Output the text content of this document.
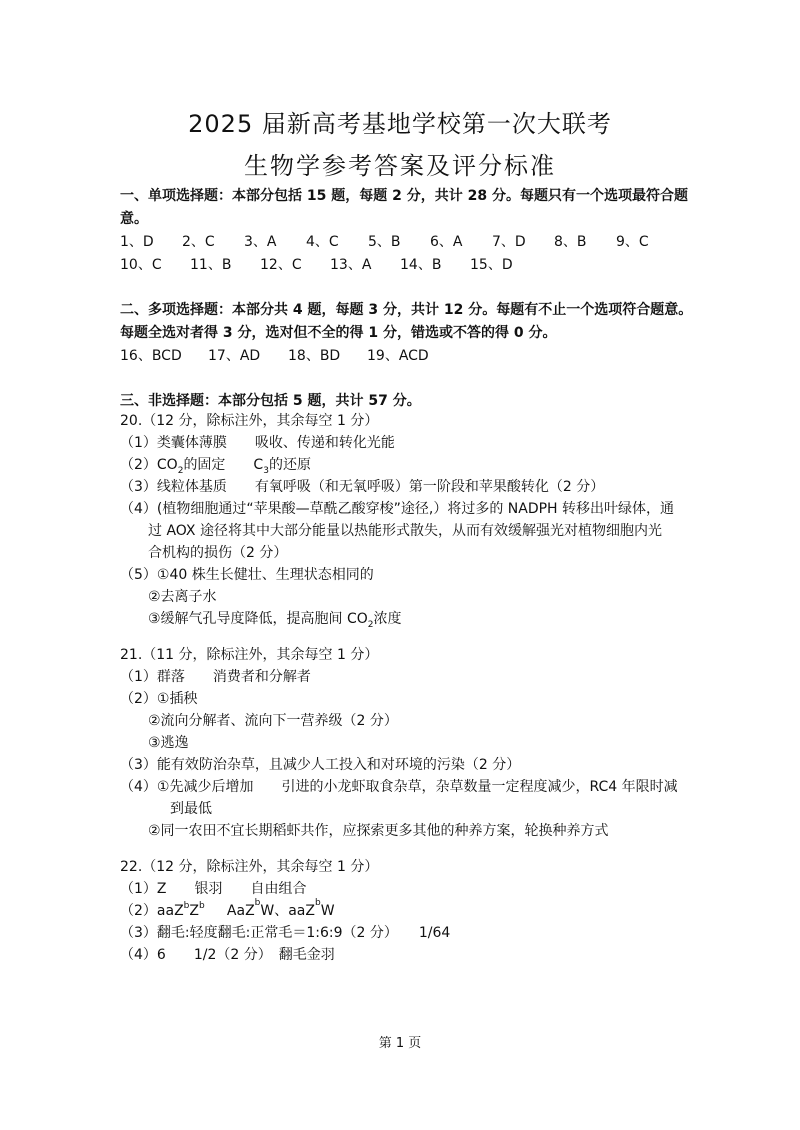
2025 届新高考基地学校第一次大联考
生物学参考答案及评分标准
一、单项选择题：本部分包括 15 题，每题 2 分，共计 28 分。每题只有一个选项最符合题
意。
1、D 2、C 3、A 4、C 5、B 6、A 7、D 8、B 9、C
10、C 11、B 12、C 13、A 14、B 15、D
二、多项选择题：本部分共 4 题，每题 3 分，共计 12 分。每题有不止一个选项符合题意。
每题全选对者得 3 分，选对但不全的得 1 分，错选或不答的得 0 分。
16、BCD 17、AD 18、BD 19、ACD
三、非选择题：本部分包括 5 题，共计 57 分。
20.（12 分，除标注外，其余每空 1 分）
（1）类囊体薄膜　　吸收、传递和转化光能
$(2)CO_2$的固定　　$C_3$的还原
（3）线粒体基质　　有氧呼吸（和无氧呼吸）第一阶段和苹果酸转化（2 分）
（4）(植物细胞通过“苹果酸—草酰乙酸穿梭”途径,）将过多的 NADPH 转移出叶绿体，通
过 AOX 途径将其中大部分能量以热能形式散失，从而有效缓解强光对植物细胞内光
合机构的损伤（2 分）
（5）①40 株生长健壮、生理状态相同的
②去离子水
③缓解气孔导度降低，提高胞间 $CO_2$浓度
21.（11 分，除标注外，其余每空 1 分）
（1）群落　　消费者和分解者
（2）①插秧
②流向分解者、流向下一营养级（2 分）
③逃逸
（3）能有效防治杂草，且减少人工投入和对环境的污染（2 分）
（4）①先减少后增加　　引进的小龙虾取食杂草，杂草数量一定程度减少，RC4 年限时减
到最低
②同一农田不宜长期稻虾共作，应探索更多其他的种养方案，轮换种养方式
22.（12 分，除标注外，其余每空 1 分）
（1）Z　　银羽　　自由组合
$(2)aaZ^bZ^b$ AaZ$^b$W、aaZ$^b$W
（3）翻毛:轻度翻毛:正常毛＝1:6:9（2 分）　　1/64
（4）6　　1/2（2 分）　翻毛金羽
第 1 页
